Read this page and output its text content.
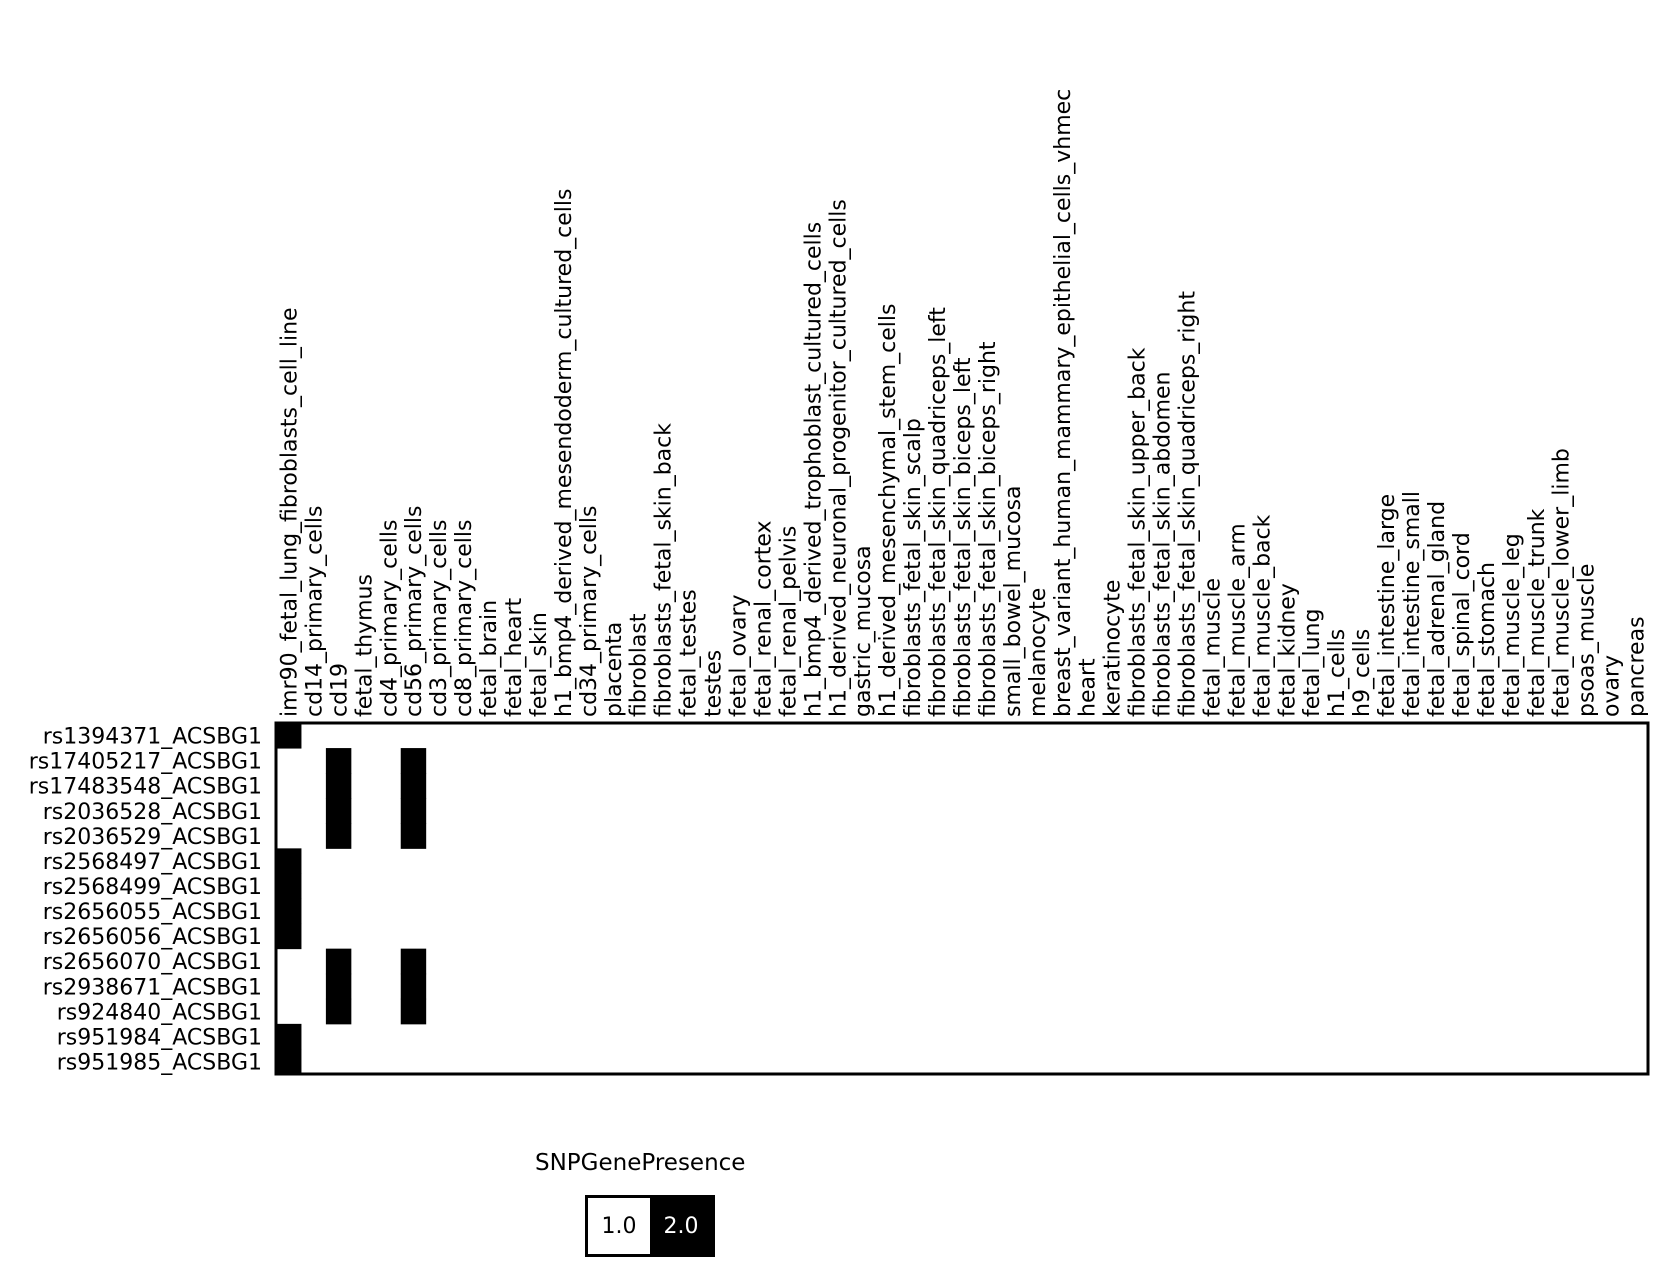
imr90_fetal_lung_fibroblasts_cell_line cd14_primary_cells cd19 fetal_thymus cd4_primary_cells cd56_primary_cells cd3_primary_cells cd8_primary_cells fetal_brain fetal_heart fetal_skin h1_bmp4_derived_mesendoderm_cultured_cells cd34_primary_cells placenta fibroblast fibroblasts_fetal_skin_back fetal_testes testes fetal_ovary fetal_renal_cortex fetal_renal_pelvis h1_bmp4_derived_trophoblast_cultured_cells h1_derived_neuronal_progenitor_cultured_cells gastric_mucosa h1_derived_mesenchymal_stem_cells fibroblasts_fetal_skin_scalp fibroblasts_fetal_skin_quadriceps_left fibroblasts_fetal_skin_biceps_left fibroblasts_fetal_skin_biceps_right small_bowel_mucosa melanocyte breast_variant_human_mammary_epithelial_cells_vhmec heart keratinocyte fibroblasts_fetal_skin_upper_back fibroblasts_fetal_skin_abdomen fibroblasts_fetal_skin_quadriceps_right fetal_muscle fetal_muscle_arm fetal_muscle_back fetal_kidney fetal_lung h1_cells h9_cells fetal_intestine_large fetal_intestine_small fetal_adrenal_gland fetal_spinal_cord fetal_stomach fetal_muscle_leg fetal_muscle_trunk fetal_muscle_lower_limb psoas_muscle ovary pancreas
rs1394371_ACSBG1
rs17405217_ACSBG1
rs17483548_ACSBG1
rs2036528_ACSBG1
rs2036529_ACSBG1
rs2568497_ACSBG1
rs2568499_ACSBG1
rs2656055_ACSBG1
rs2656056_ACSBG1
rs2656070_ACSBG1
rs2938671_ACSBG1
rs924840_ACSBG1
rs951984_ACSBG1
rs951985_ACSBG1
SNPGenePresence
1.0	2.0
